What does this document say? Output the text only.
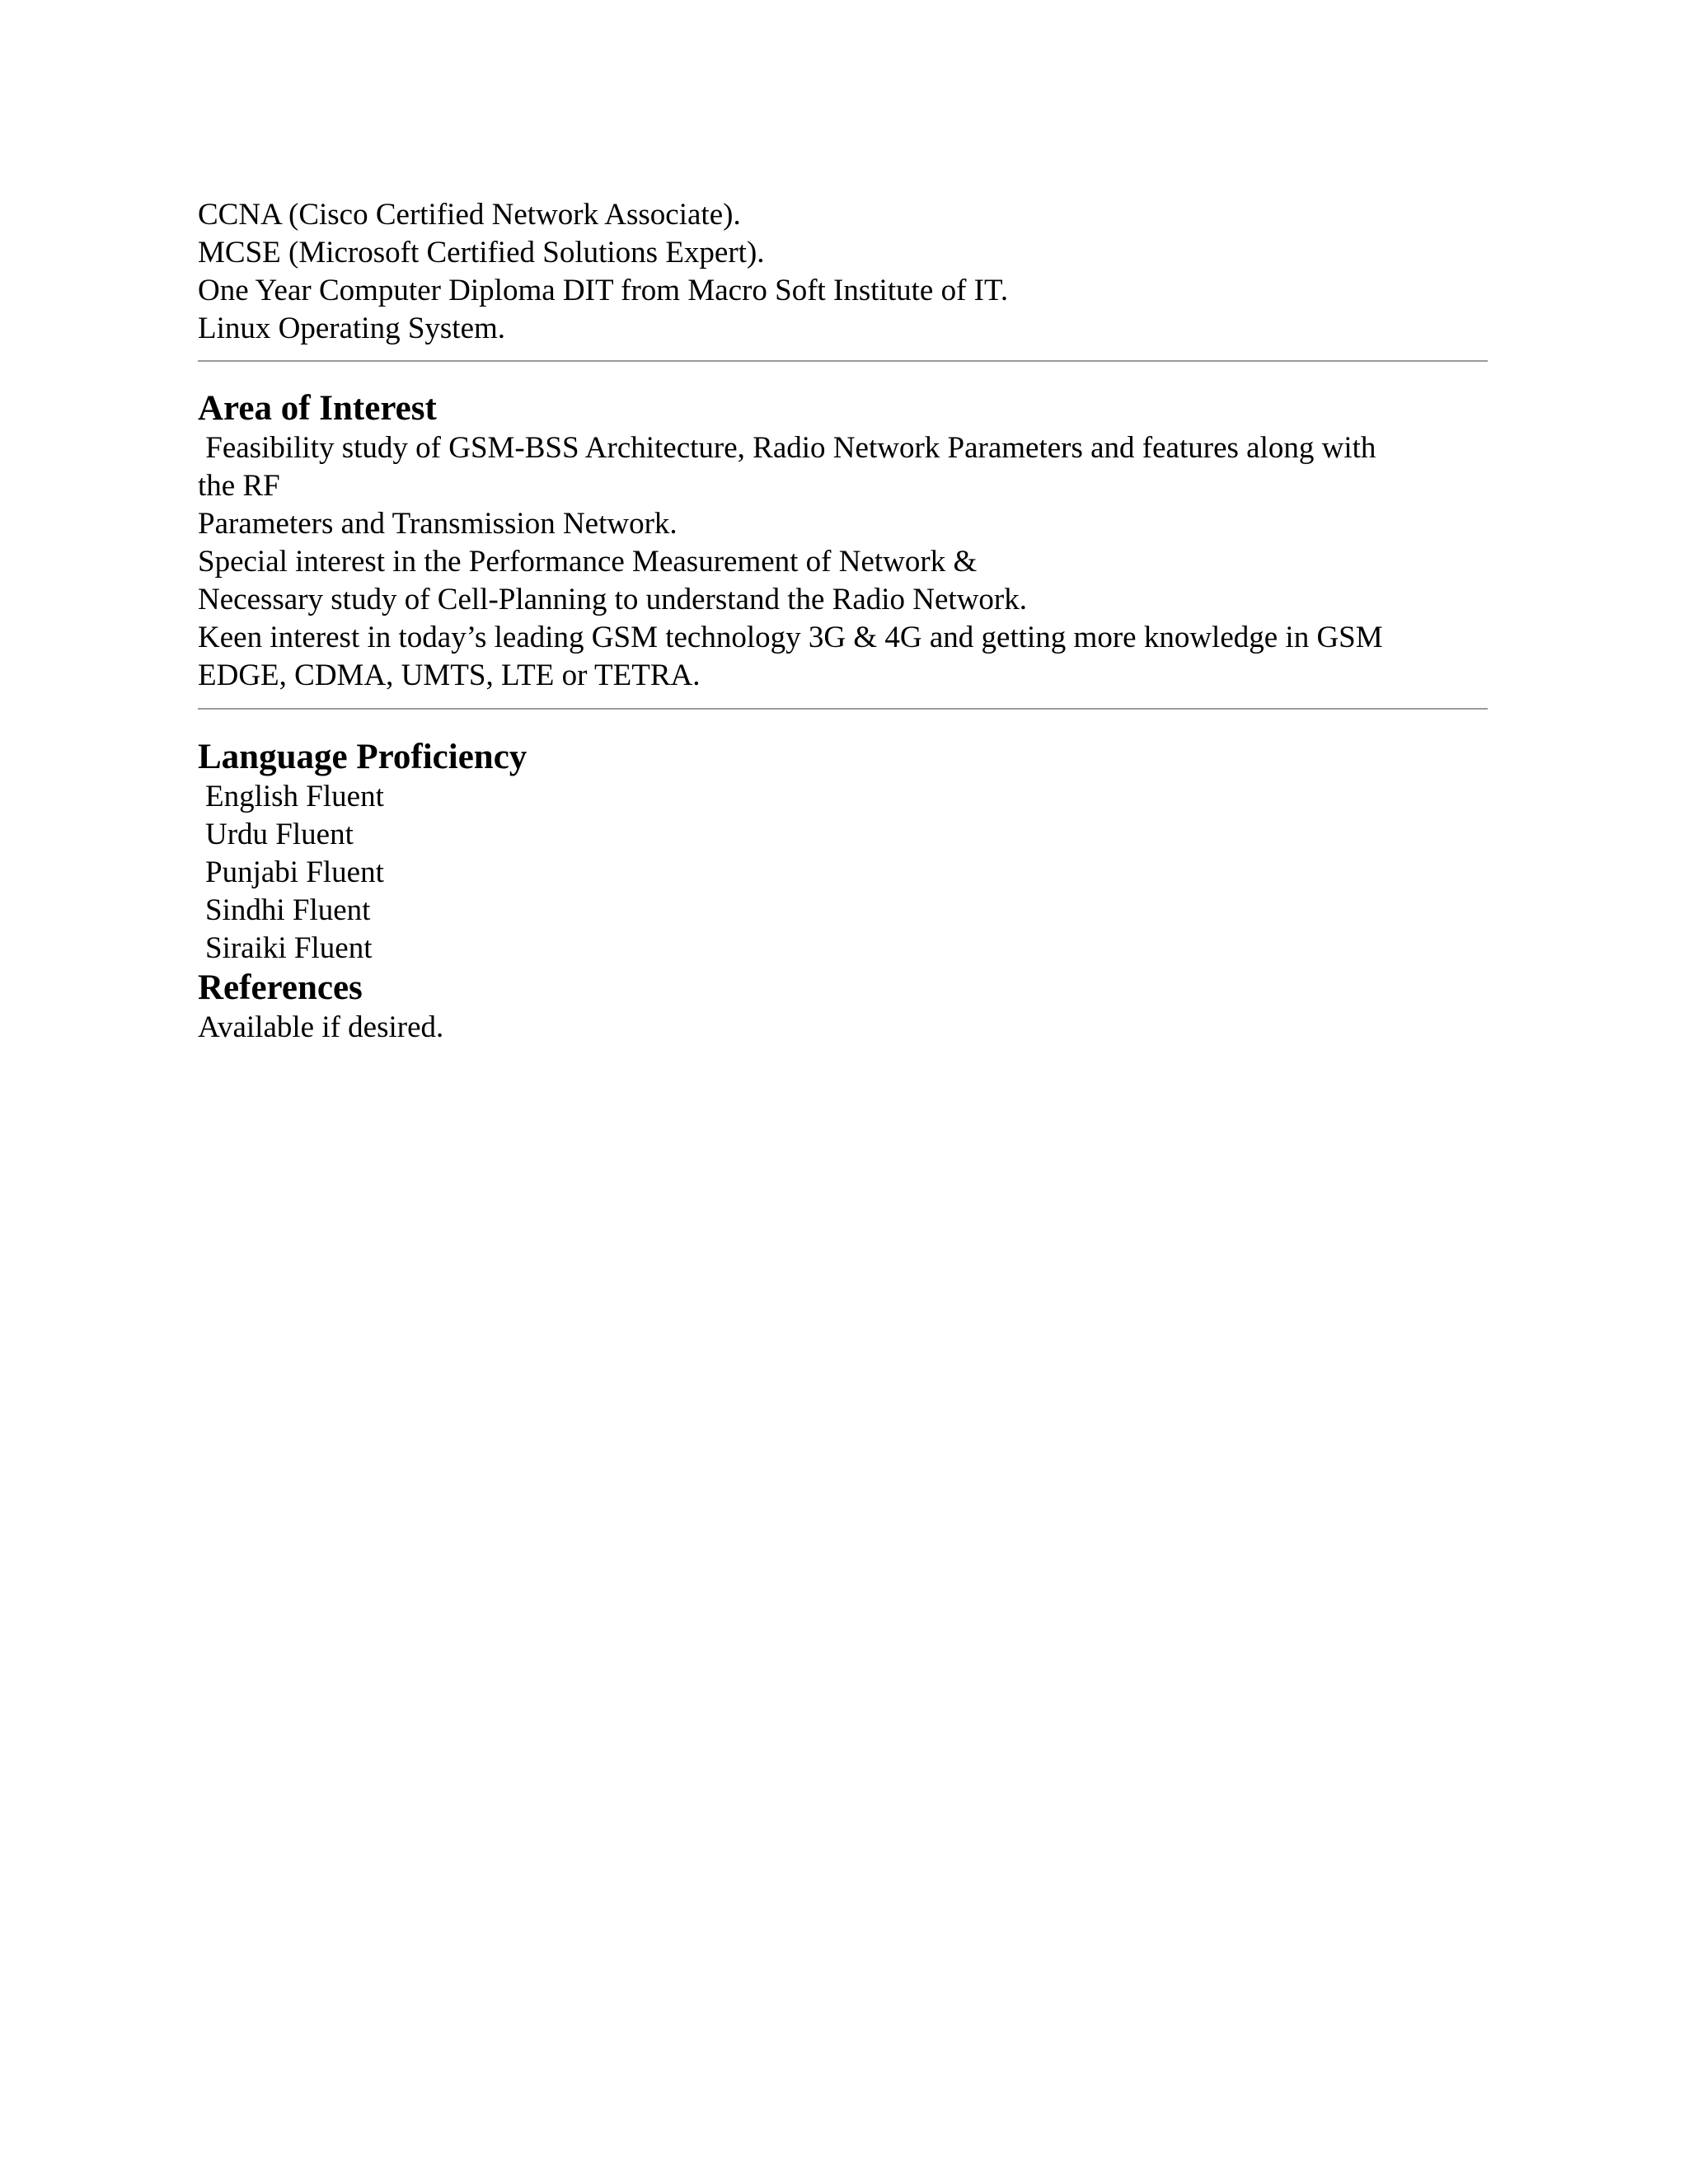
CCNA (Cisco Certified Network Associate).
MCSE (Microsoft Certified Solutions Expert).
One Year Computer Diploma DIT from Macro Soft Institute of IT.
Linux Operating System.
Area of Interest
Feasibility study of GSM-BSS Architecture, Radio Network Parameters and features along with
the RF
Parameters and Transmission Network.
Special interest in the Performance Measurement of Network &
Necessary study of Cell-Planning to understand the Radio Network.
Keen interest in today’s leading GSM technology 3G & 4G and getting more knowledge in GSM
EDGE, CDMA, UMTS, LTE or TETRA.
Language Proficiency
English Fluent
Urdu Fluent
Punjabi Fluent
Sindhi Fluent
Siraiki Fluent
References
Available if desired.
